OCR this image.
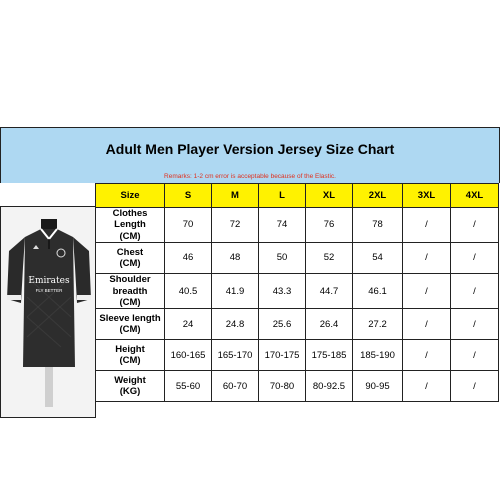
Adult Men Player Version Jersey Size Chart
Remarks: 1-2 cm error is acceptable because of the Elastic.
Emirates
FLY BETTER
Size	S	M	L	XL	2XL	3XL	4XL
Clothes Length
(CM)	70	72	74	76	78	/	/
Chest
(CM)	46	48	50	52	54	/	/
Shoulder breadth
(CM)	40.5	41.9	43.3	44.7	46.1	/	/
Sleeve length
(CM)	24	24.8	25.6	26.4	27.2	/	/
Height
(CM)	160-165	165-170	170-175	175-185	185-190	/	/
Weight
(KG)	55-60	60-70	70-80	80-92.5	90-95	/	/
